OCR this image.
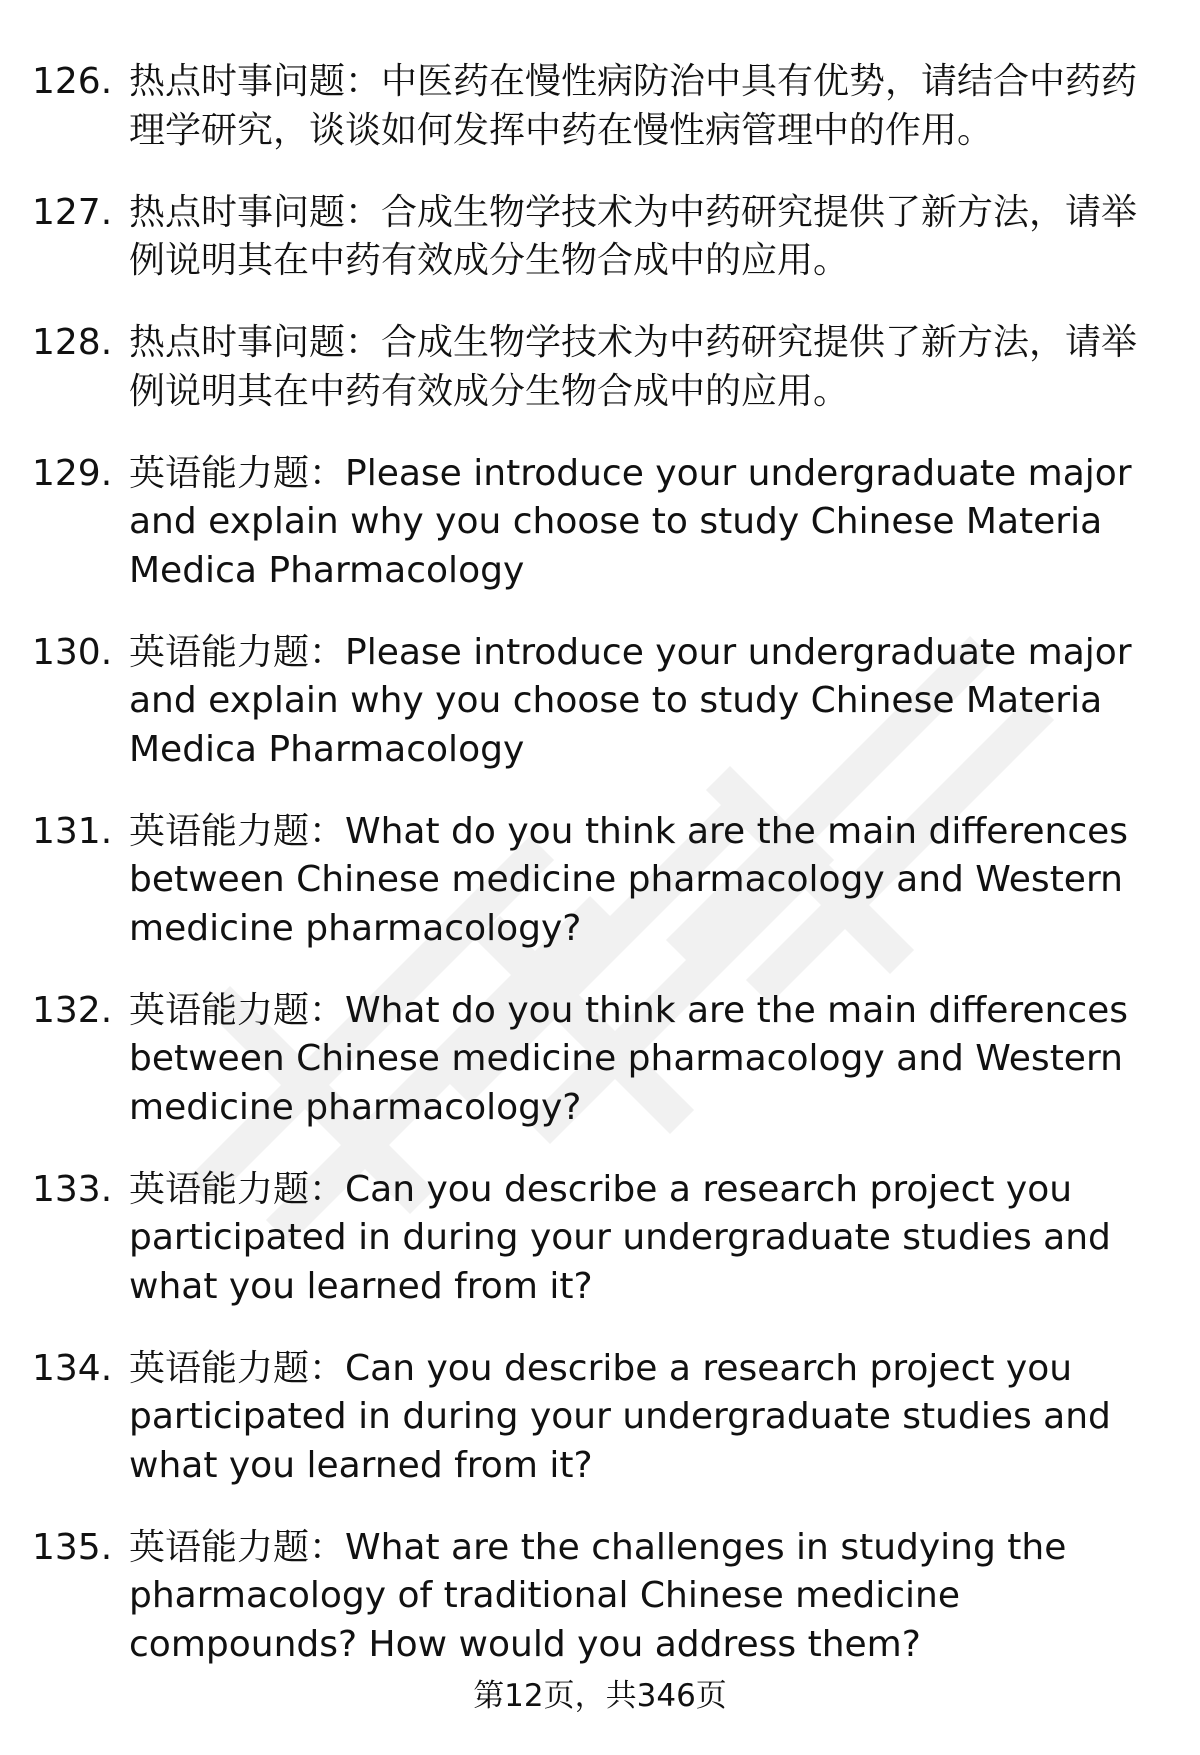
126. 热点时事问题：中医药在慢性病防治中具有优势，请结合中药药理学研究，谈谈如何发挥中药在慢性病管理中的作用。
127. 热点时事问题：合成生物学技术为中药研究提供了新方法，请举例说明其在中药有效成分生物合成中的应用。
128. 热点时事问题：合成生物学技术为中药研究提供了新方法，请举例说明其在中药有效成分生物合成中的应用。
129. 英语能力题：Please introduce your undergraduate major and explain why you choose to study Chinese Materia Medica Pharmacology
130. 英语能力题：Please introduce your undergraduate major and explain why you choose to study Chinese Materia Medica Pharmacology
131. 英语能力题：What do you think are the main differences between Chinese medicine pharmacology and Western medicine pharmacology?
132. 英语能力题：What do you think are the main differences between Chinese medicine pharmacology and Western medicine pharmacology?
133. 英语能力题：Can you describe a research project you participated in during your undergraduate studies and what you learned from it?
134. 英语能力题：Can you describe a research project you participated in during your undergraduate studies and what you learned from it?
135. 英语能力题：What are the challenges in studying the pharmacology of traditional Chinese medicine compounds? How would you address them?
第12页，共346页
